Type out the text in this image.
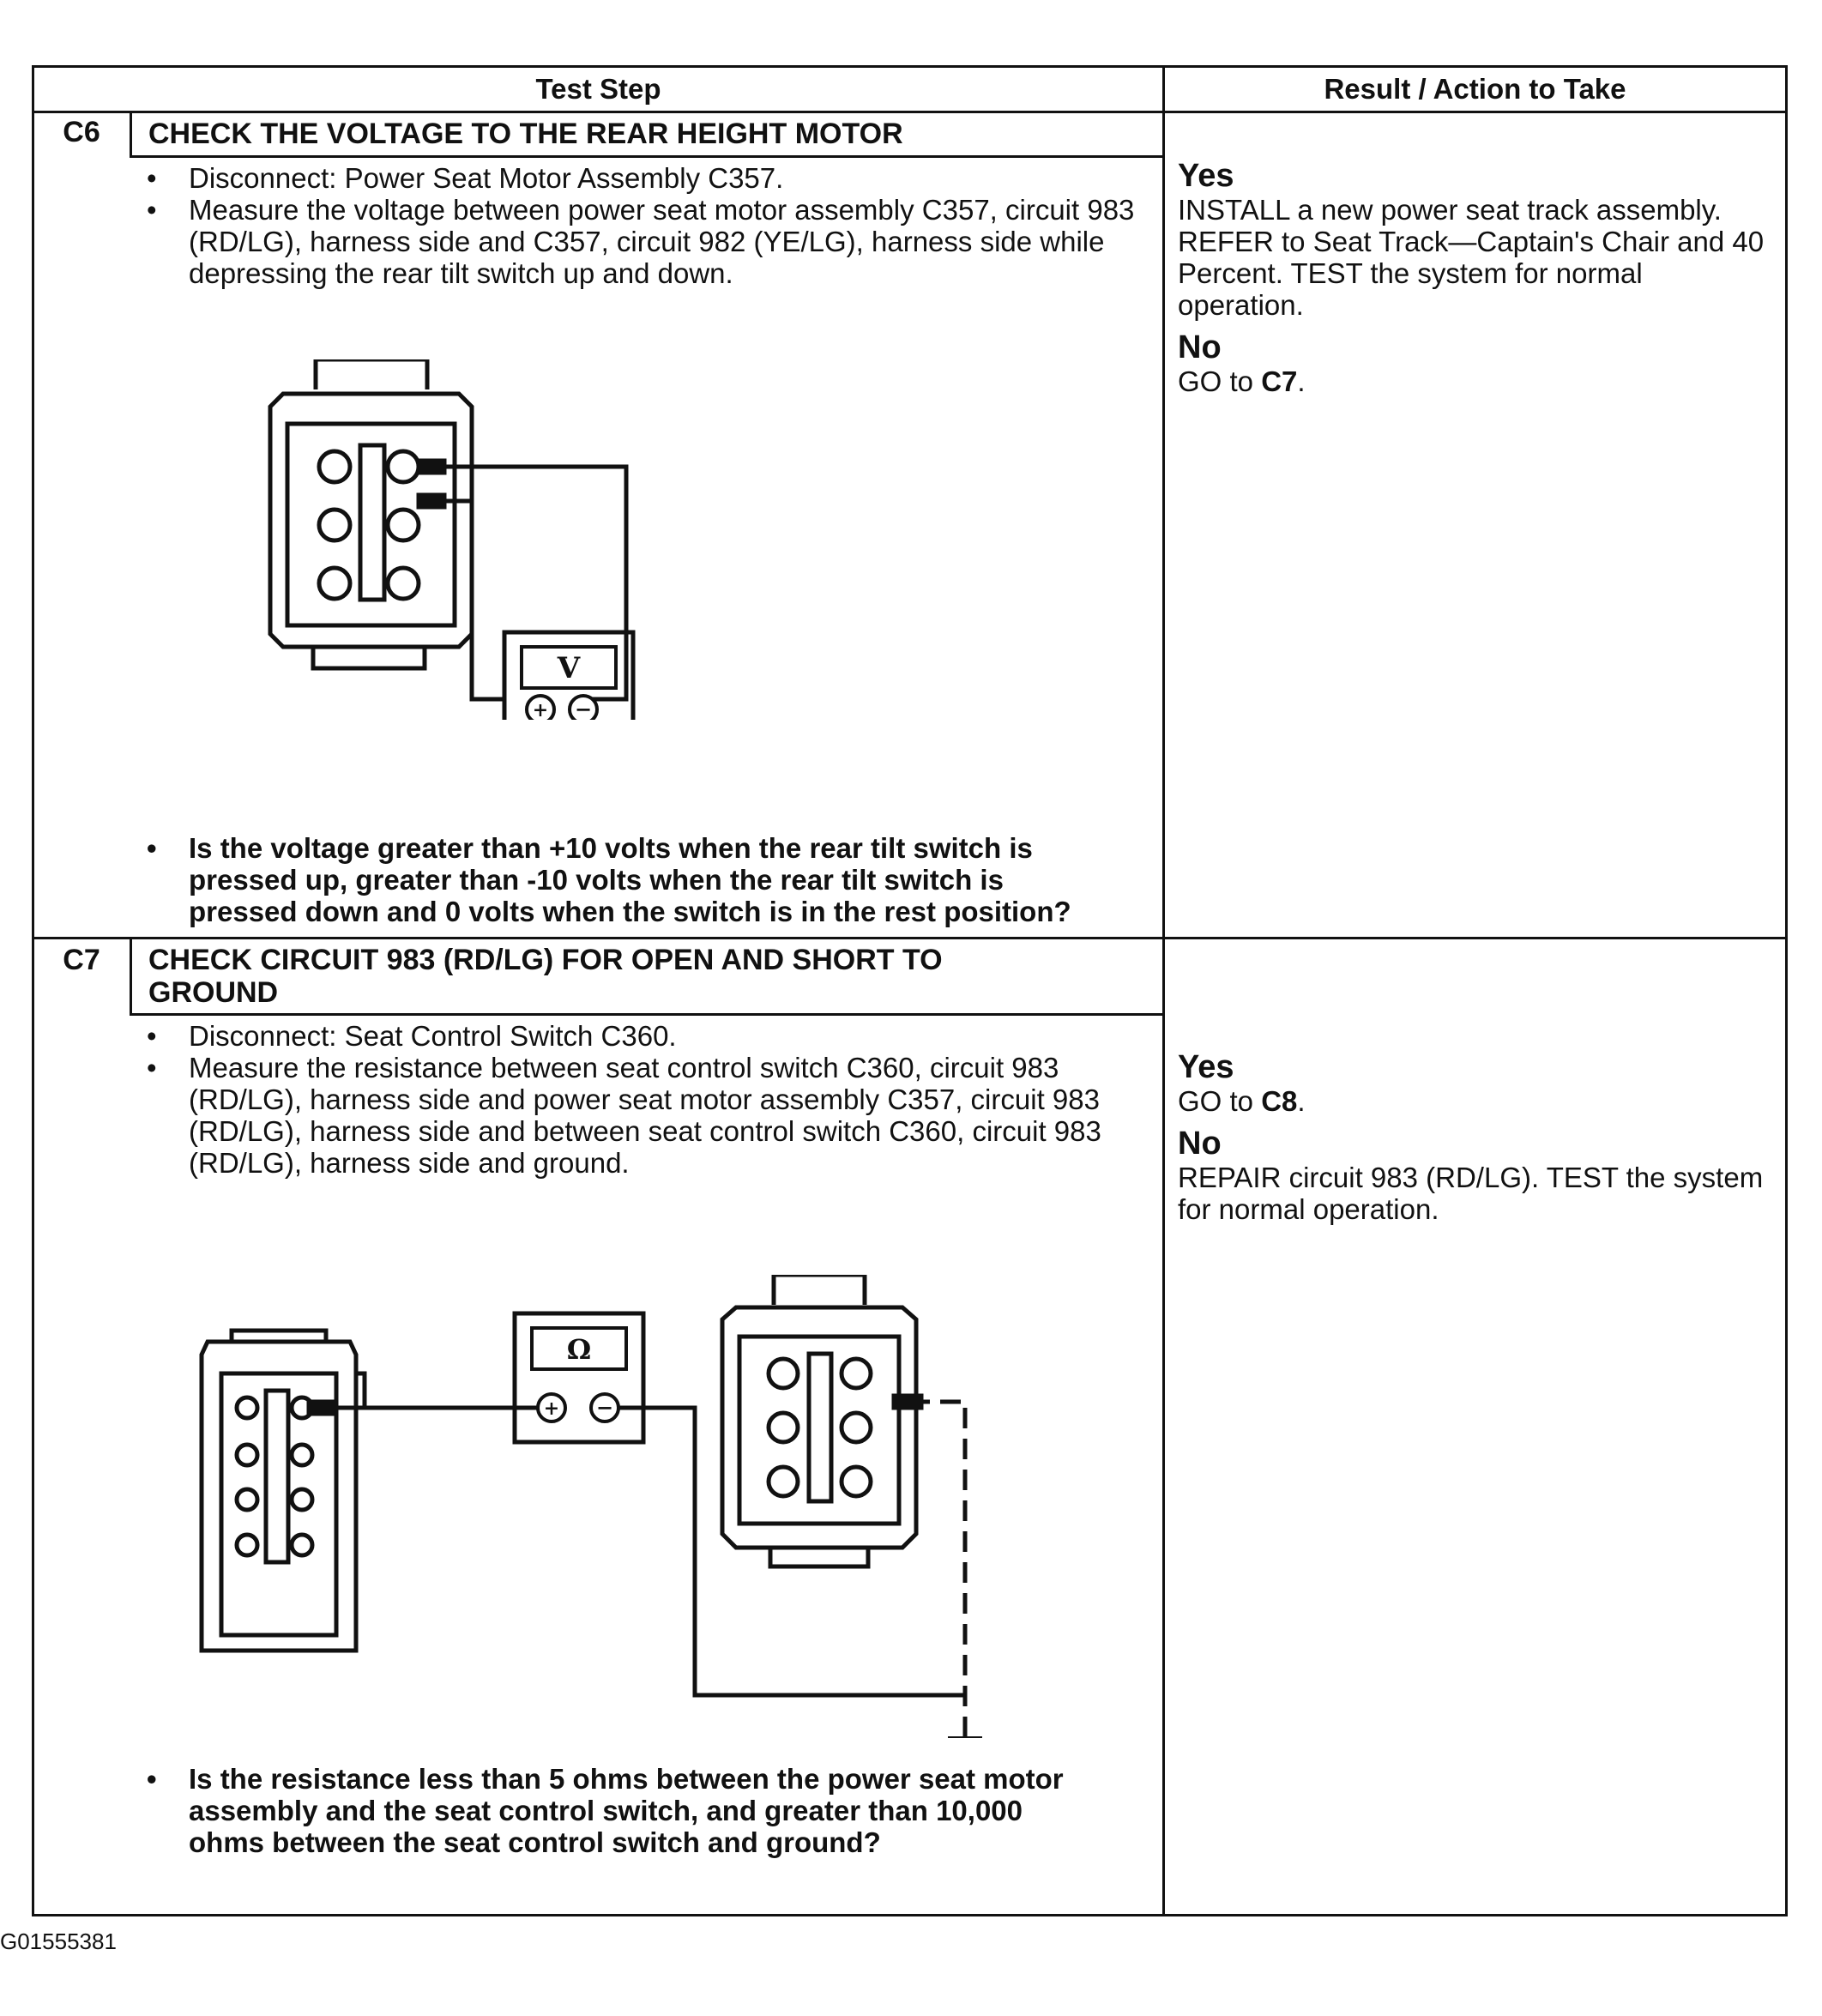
Test Step	Result / Action to Take
C6	CHECK THE VOLTAGE TO THE REAR HEIGHT MOTOR
• Disconnect: Power Seat Motor Assembly C357.
• Measure the voltage between power seat motor assembly C357, circuit 983 (RD/LG), harness side and C357, circuit 982 (YE/LG), harness side while depressing the rear tilt switch up and down.
V
+ −
• Is the voltage greater than +10 volts when the rear tilt switch is pressed up, greater than -10 volts when the rear tilt switch is pressed down and 0 volts when the switch is in the rest position?
Yes
INSTALL a new power seat track assembly. REFER to Seat Track—Captain's Chair and 40 Percent. TEST the system for normal operation.
No
GO to C7.
C7	CHECK CIRCUIT 983 (RD/LG) FOR OPEN AND SHORT TO GROUND
• Disconnect: Seat Control Switch C360.
• Measure the resistance between seat control switch C360, circuit 983 (RD/LG), harness side and power seat motor assembly C357, circuit 983 (RD/LG), harness side and between seat control switch C360, circuit 983 (RD/LG), harness side and ground.
Ω
+ −
• Is the resistance less than 5 ohms between the power seat motor assembly and the seat control switch, and greater than 10,000 ohms between the seat control switch and ground?
Yes
GO to C8.
No
REPAIR circuit 983 (RD/LG). TEST the system for normal operation.
G01555381
